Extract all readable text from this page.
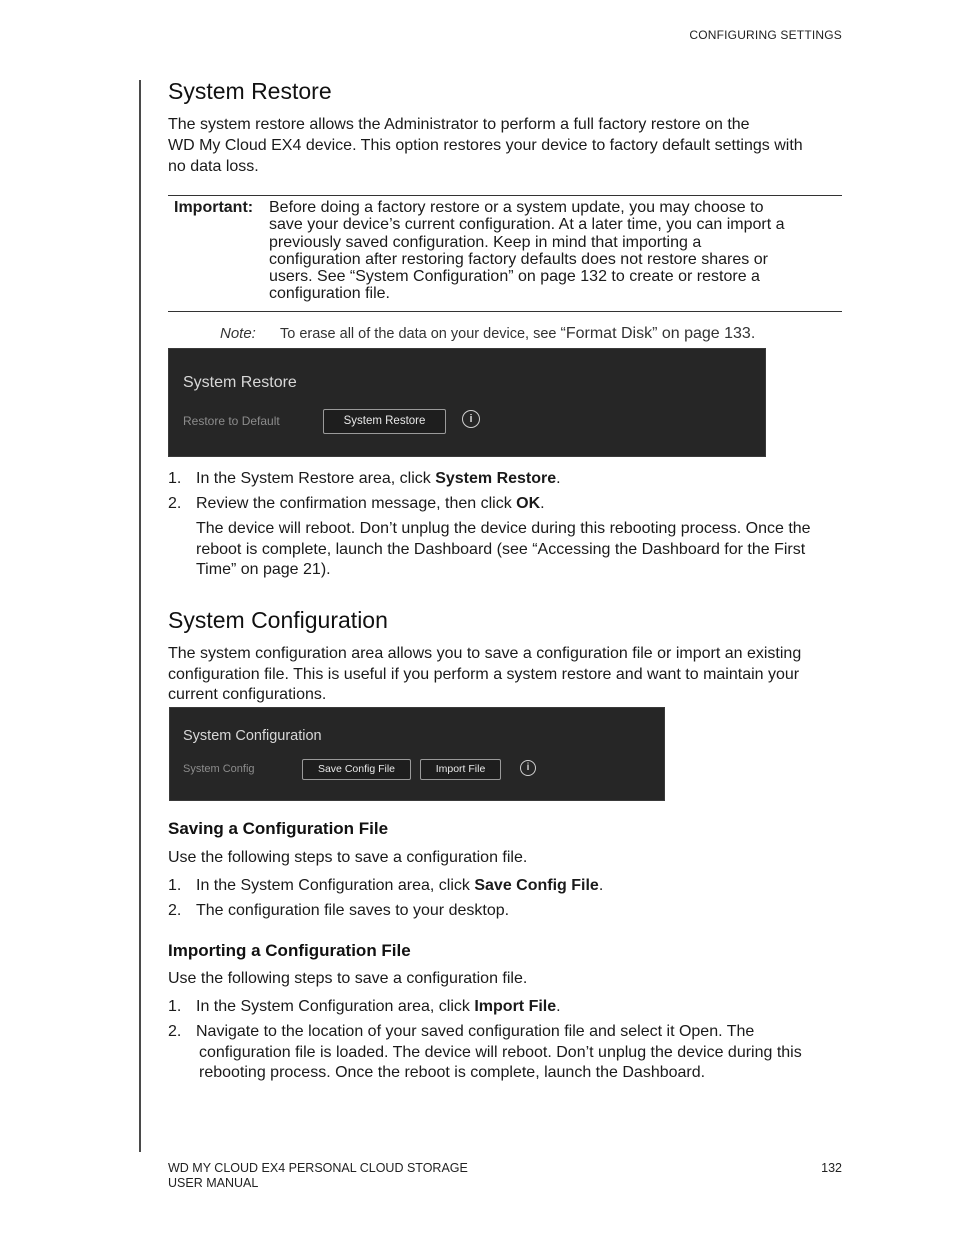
CONFIGURING SETTINGS
System Restore

The system restore allows the Administrator to perform a full factory restore on the
WD My Cloud EX4 device. This option restores your device to factory default settings with
no data loss.

Important: Before doing a factory restore or a system update, you may choose to
save your device’s current configuration. At a later time, you can import a
previously saved configuration. Keep in mind that importing a
configuration after restoring factory defaults does not restore shares or
users. See “System Configuration” on page 132 to create or restore a
configuration file.
Note: To erase all of the data on your device, see “Format Disk” on page 133.
System Restore
Restore to Default	System Restore	i
1. In the System Restore area, click System Restore.
2. Review the confirmation message, then click OK.

The device will reboot. Don’t unplug the device during this rebooting process. Once the
reboot is complete, launch the Dashboard (see “Accessing the Dashboard for the First
Time” on page 21).

System Configuration

The system configuration area allows you to save a configuration file or import an existing
configuration file. This is useful if you perform a system restore and want to maintain your
current configurations.

System Configuration
System Config	Save Config File	Import File	i
Saving a Configuration File

Use the following steps to save a configuration file.

1. In the System Configuration area, click Save Config File.
2. The configuration file saves to your desktop.
Importing a Configuration File

Use the following steps to save a configuration file.

1. In the System Configuration area, click Import File.
2. Navigate to the location of your saved configuration file and select it Open. The
configuration file is loaded. The device will reboot. Don’t unplug the device during this
rebooting process. Once the reboot is complete, launch the Dashboard.
WD MY CLOUD EX4 PERSONAL CLOUD STORAGE
USER MANUAL
132
